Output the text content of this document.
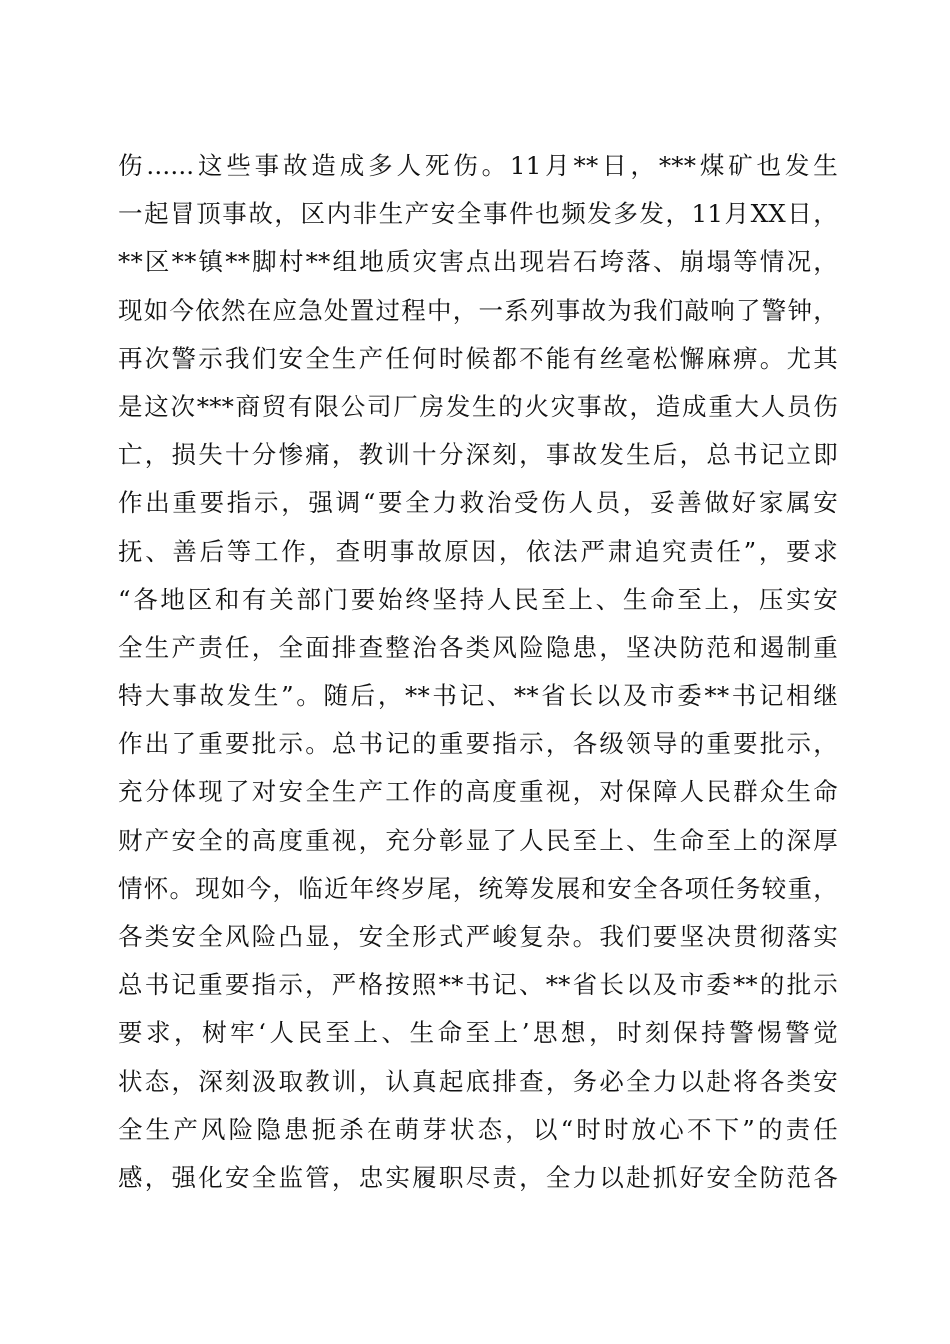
伤......这些事故造成多人死伤。11月**日，***煤矿也发生
一起冒顶事故，区内非生产安全事件也频发多发，11月XX日，
**区**镇**脚村**组地质灾害点出现岩石垮落、崩塌等情况，
现如今依然在应急处置过程中，一系列事故为我们敲响了警钟，
再次警示我们安全生产任何时候都不能有丝毫松懈麻痹。尤其
是这次***商贸有限公司厂房发生的火灾事故，造成重大人员伤
亡，损失十分惨痛，教训十分深刻，事故发生后，总书记立即
作出重要指示，强调“要全力救治受伤人员，妥善做好家属安
抚、善后等工作，查明事故原因，依法严肃追究责任”，要求
“各地区和有关部门要始终坚持人民至上、生命至上，压实安
全生产责任，全面排查整治各类风险隐患，坚决防范和遏制重
特大事故发生”。随后，**书记、**省长以及市委**书记相继
作出了重要批示。总书记的重要指示，各级领导的重要批示，
充分体现了对安全生产工作的高度重视，对保障人民群众生命
财产安全的高度重视，充分彰显了人民至上、生命至上的深厚
情怀。现如今，临近年终岁尾，统筹发展和安全各项任务较重，
各类安全风险凸显，安全形式严峻复杂。我们要坚决贯彻落实
总书记重要指示，严格按照**书记、**省长以及市委**的批示
要求，树牢‘人民至上、生命至上’思想，时刻保持警惕警觉
状态，深刻汲取教训，认真起底排查，务必全力以赴将各类安
全生产风险隐患扼杀在萌芽状态，以“时时放心不下”的责任
感，强化安全监管，忠实履职尽责，全力以赴抓好安全防范各
